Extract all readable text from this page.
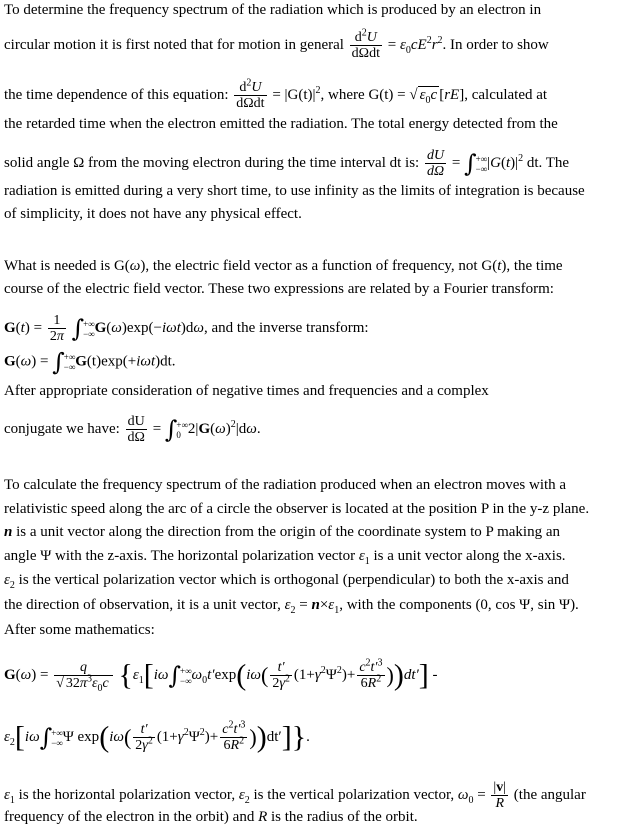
To determine the frequency spectrum of the radiation which is produced by an electron in
circular motion it is first noted that for motion in general $\frac{d^2U}{\text{dΩdt}} = \varepsilon_0cE^2r^2$. In order to show
the time dependence of this equation: $\frac{d^2U}{\text{dΩdt}} = |G(t)|^2$, where G(t) = √ $\varepsilon_0c$ [rE], calculated at
the retarded time when the electron emitted the radiation. The total energy detected from the
solid angle Ω from the moving electron during the time interval dt is: $\frac{dU}{d\Omega}$ = ∫ +∞
−∞ $|G(t)|^2$ dt. The
radiation is emitted during a very short time, to use infinity as the limits of integration is because
of simplicity, it does not have any physical effect.
What is needed is G(ω), the electric field vector as a function of frequency, not G(t), the time
course of the electric field vector. These two expressions are related by a Fourier transform:
$G(t) = \frac{1}{2\pi}$ ∫ +∞
−∞ G(ω)exp(−iωt)dω, and the inverse transform:
G(ω) = ∫ +∞
−∞ G(t)exp(+iωt)dt.
After appropriate consideration of negative times and frequencies and a complex
conjugate we have: $\frac{dU}{d\Omega}$ = ∫ +∞
0 $2|G(\omega)^2|d\omega$.
To calculate the frequency spectrum of the radiation produced when an electron moves with a
relativistic speed along the arc of a circle the observer is located at the position P in the y-z plane.
n is a unit vector along the direction from the origin of the coordinate system to P making an
angle Ψ with the z-axis. The horizontal polarization vector $\varepsilon_1$ is a unit vector along the x-axis.
$\varepsilon_2$ is the vertical polarization vector which is orthogonal (perpendicular) to both the x-axis and
the direction of observation, it is a unit vector, $\varepsilon_2 = n\times\varepsilon_1$, with the components (0, cos Ψ, sin Ψ).
After some mathematics:
$G(\omega) = \frac{q}{√ 32\pi^3\varepsilon_0c} \{\varepsilon_1[i\omega\int$ +∞
−∞ $\omega_0t'\exp(i\omega( \frac{t'}{2\gamma^2} (1+\gamma^2\Psi^2)+ \frac{c^2t'^3}{6R^2} ))dt'$] -
$\varepsilon_2[i\omega\int$ +∞
−∞ Ψ $\exp(i\omega( \frac{t'}{2\gamma^2} (1+\gamma^2\Psi^2)+ \frac{c^2t'^3}{6R^2} ))dt'$]}.
$\varepsilon_1$ is the horizontal polarization vector, $\varepsilon_2$ is the vertical polarization vector, $\omega_0 = \frac{|v|}{R} (the$ angular
frequency of the electron in the orbit) and R is the radius of the orbit.
